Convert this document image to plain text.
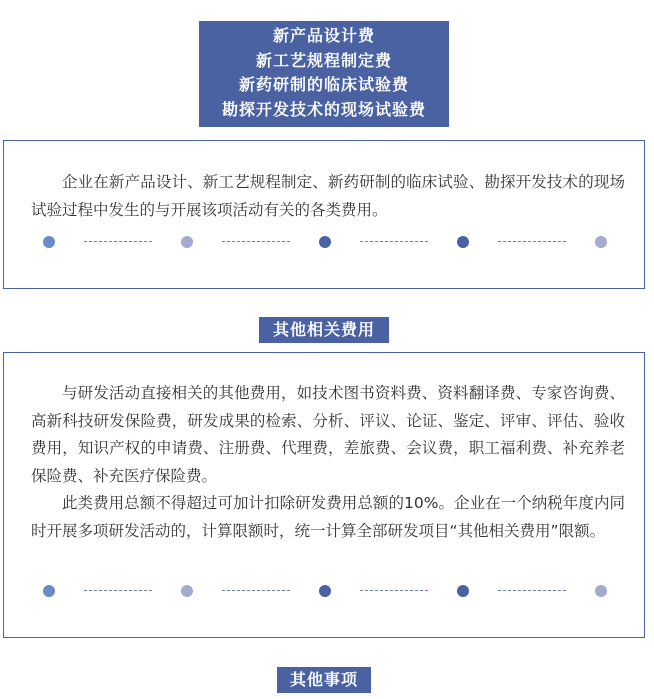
新产品设计费
新工艺规程制定费
新药研制的临床试验费
勘探开发技术的现场试验费

企业在新产品设计、新工艺规程制定、新药研制的临床试验、勘探开发技术的现场试验过程中发生的与开展该项活动有关的各类费用。

其他相关费用

与研发活动直接相关的其他费用，如技术图书资料费、资料翻译费、专家咨询费、高新科技研发保险费，研发成果的检索、分析、评议、论证、鉴定、评审、评估、验收费用，知识产权的申请费、注册费、代理费，差旅费、会议费，职工福利费、补充养老保险费、补充医疗保险费。

此类费用总额不得超过可加计扣除研发费用总额的10%。企业在一个纳税年度内同时开展多项研发活动的，计算限额时，统一计算全部研发项目“其他相关费用”限额。

其他事项
